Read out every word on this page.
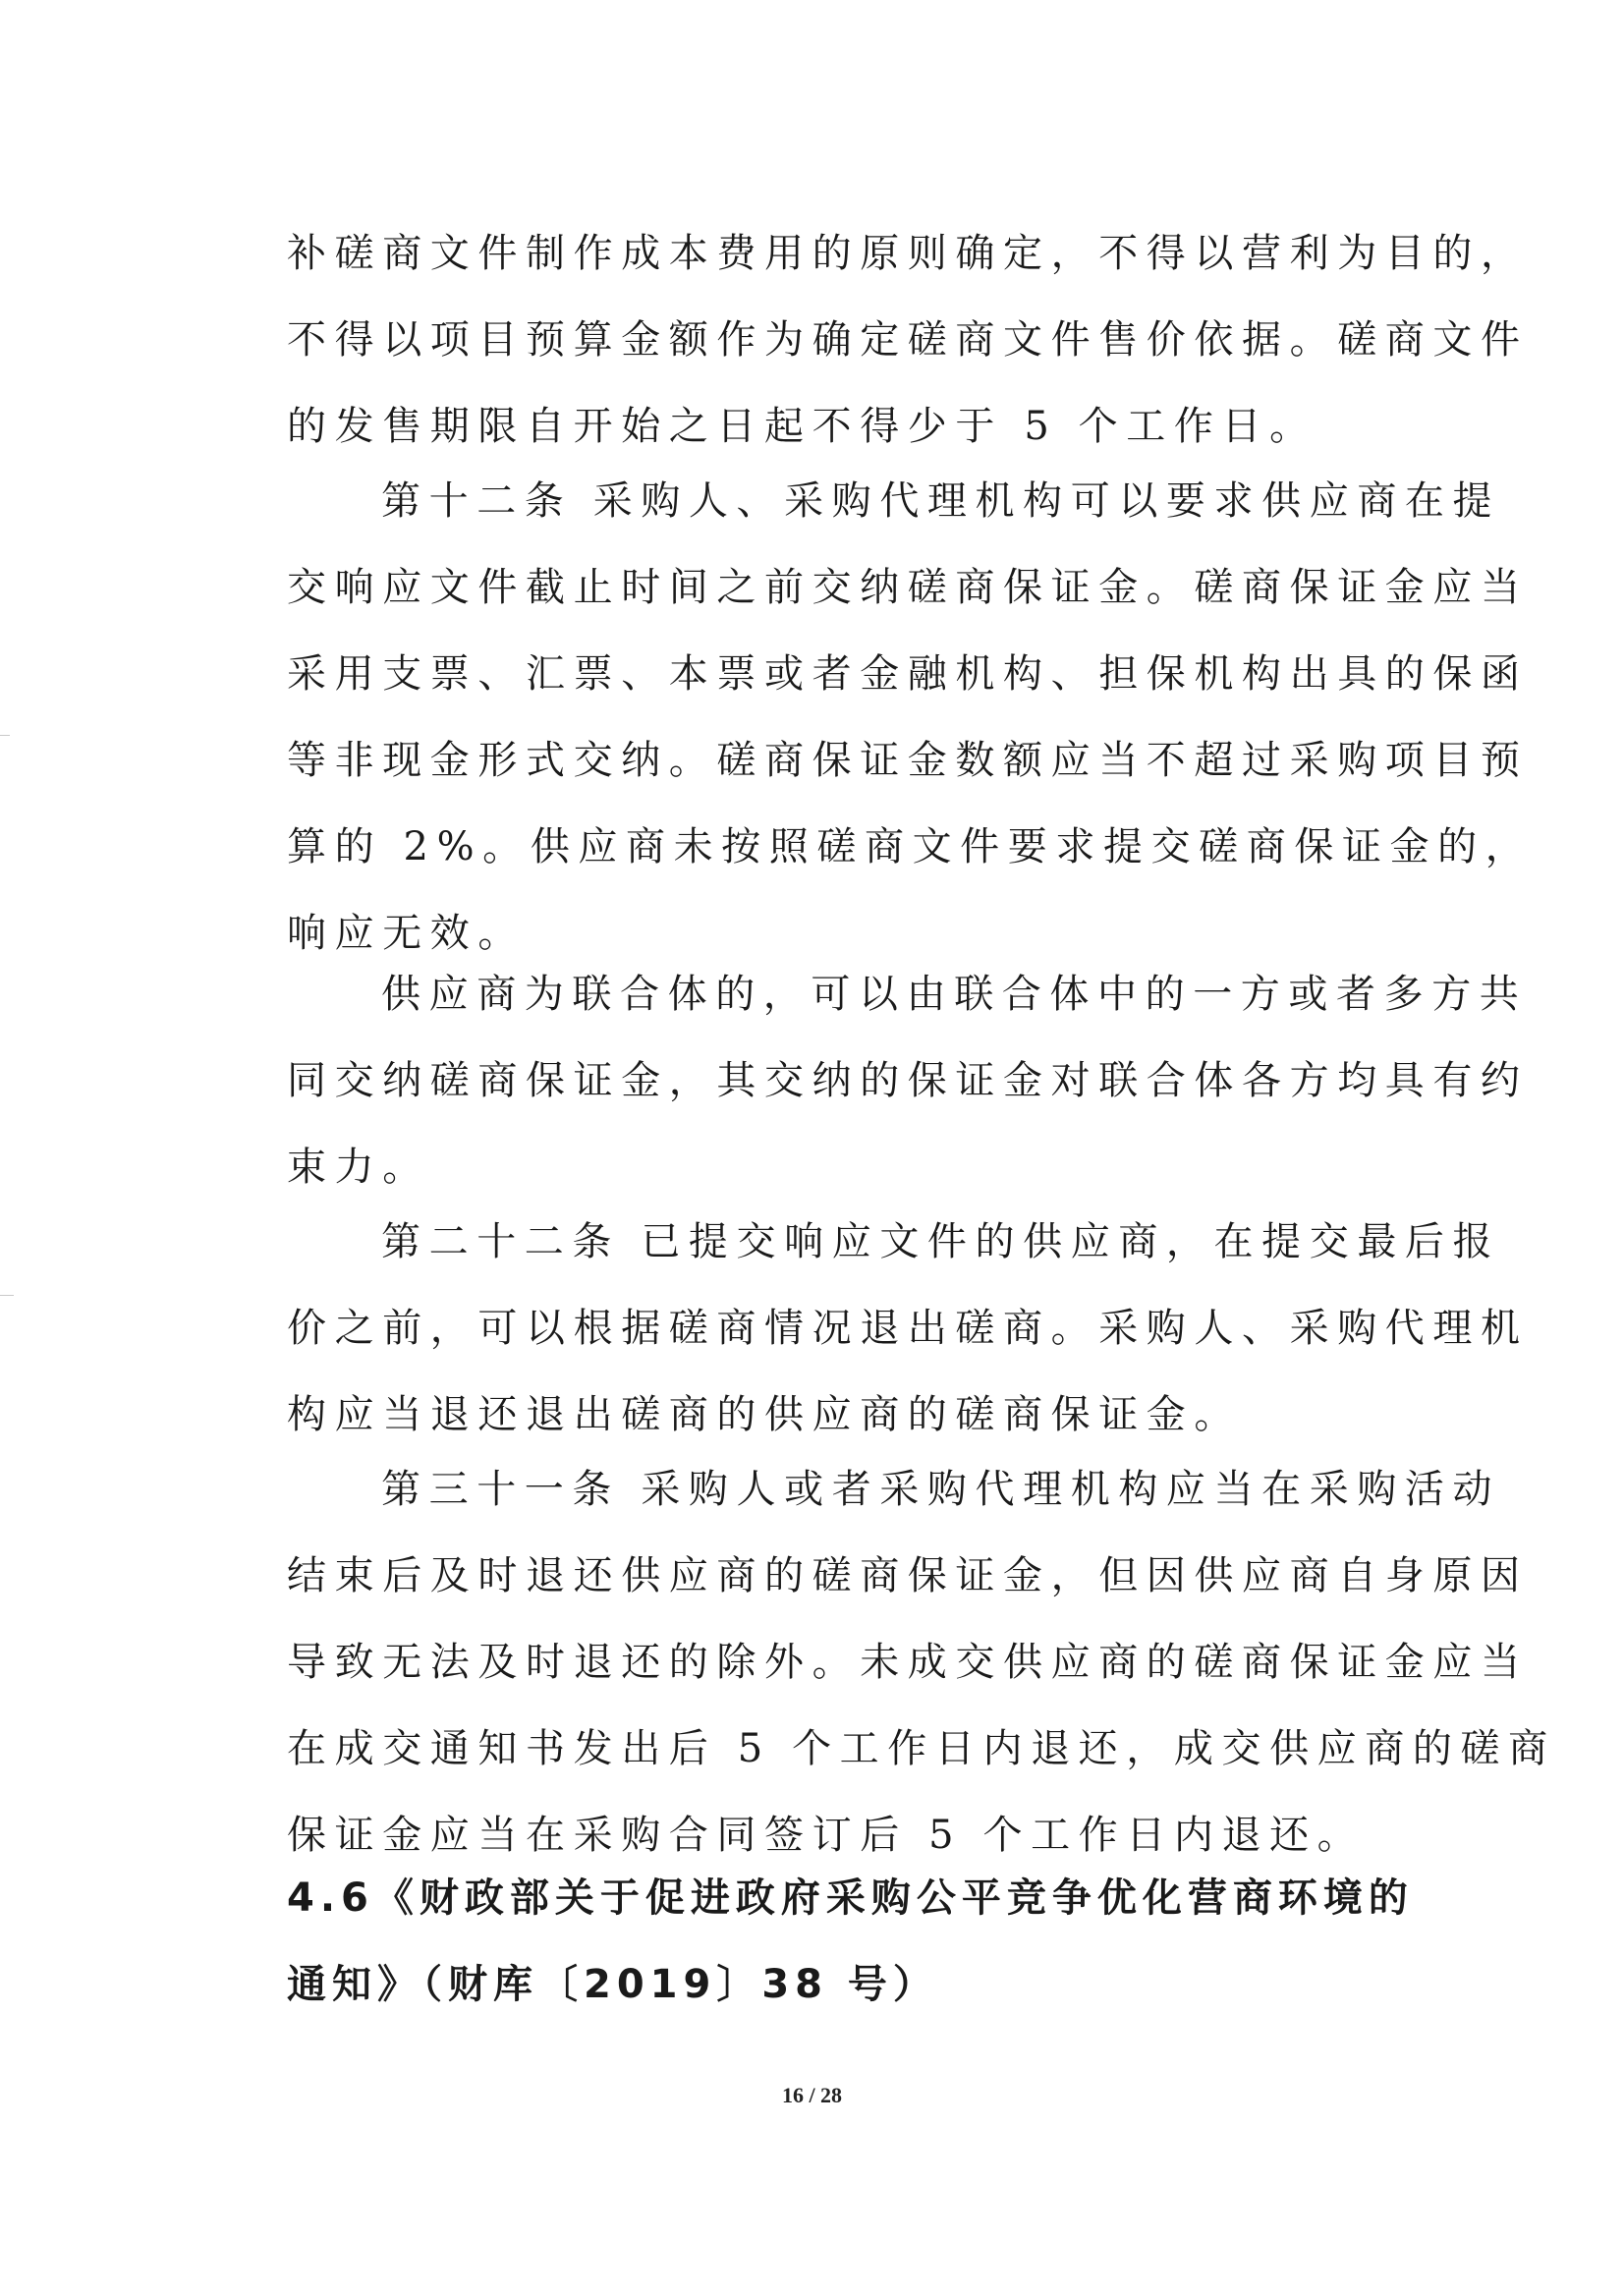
补磋商文件制作成本费用的原则确定，不得以营利为目的，
不得以项目预算金额作为确定磋商文件售价依据。磋商文件
的发售期限自开始之日起不得少于 5 个工作日。
第十二条 采购人、采购代理机构可以要求供应商在提
交响应文件截止时间之前交纳磋商保证金。磋商保证金应当
采用支票、汇票、本票或者金融机构、担保机构出具的保函
等非现金形式交纳。磋商保证金数额应当不超过采购项目预
算的 2%。供应商未按照磋商文件要求提交磋商保证金的，
响应无效。
供应商为联合体的，可以由联合体中的一方或者多方共
同交纳磋商保证金，其交纳的保证金对联合体各方均具有约
束力。
第二十二条 已提交响应文件的供应商，在提交最后报
价之前，可以根据磋商情况退出磋商。采购人、采购代理机
构应当退还退出磋商的供应商的磋商保证金。
第三十一条 采购人或者采购代理机构应当在采购活动
结束后及时退还供应商的磋商保证金，但因供应商自身原因
导致无法及时退还的除外。未成交供应商的磋商保证金应当
在成交通知书发出后 5 个工作日内退还，成交供应商的磋商
保证金应当在采购合同签订后 5 个工作日内退还。
4.6《财政部关于促进政府采购公平竞争优化营商环境的
通知》（财库〔2019〕38 号）
16 / 28
